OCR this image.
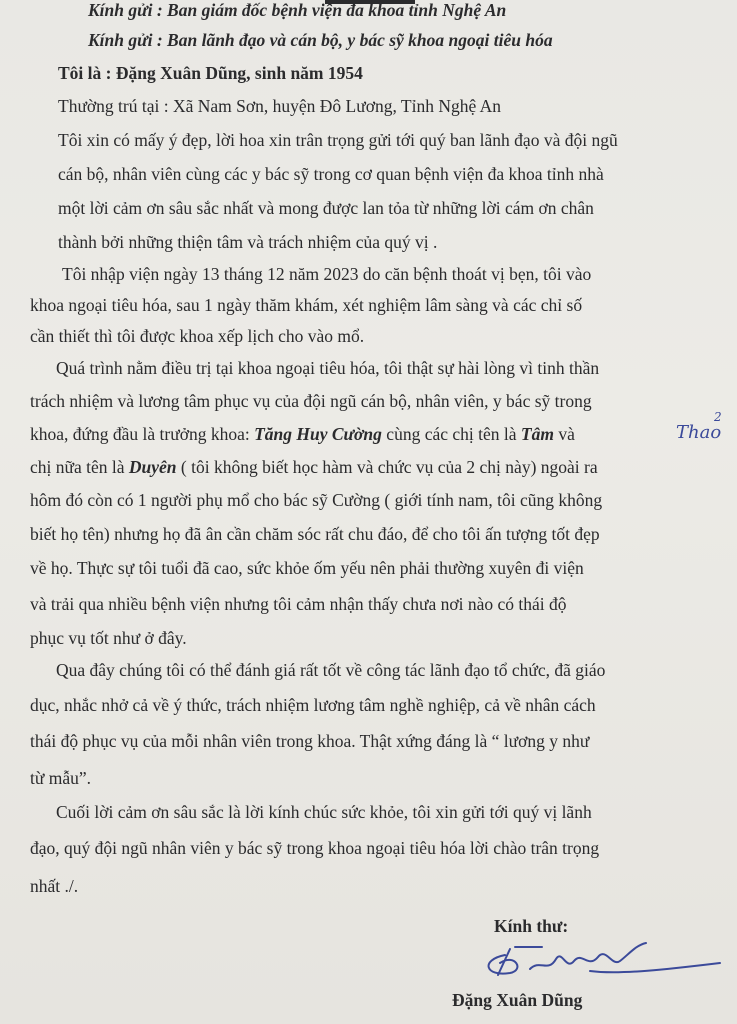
Kính gửi : Ban giám đốc bệnh viện đa khoa tỉnh Nghệ An
Kính gửi : Ban lãnh đạo và cán bộ, y bác sỹ khoa ngoại tiêu hóa
Tôi là : Đặng Xuân Dũng, sinh năm 1954
Thường trú tại : Xã Nam Sơn, huyện Đô Lương, Tỉnh Nghệ An
Tôi xin có mấy ý đẹp, lời hoa xin trân trọng gửi tới quý ban lãnh đạo và đội ngũ
cán bộ, nhân viên cùng các y bác sỹ trong cơ quan bệnh viện đa khoa tỉnh nhà
một lời cảm ơn sâu sắc nhất và mong được lan tỏa từ những lời cám ơn chân
thành bởi những thiện tâm và trách nhiệm của quý vị .
Tôi nhập viện ngày 13 tháng 12 năm 2023 do căn bệnh thoát vị bẹn, tôi vào
khoa ngoại tiêu hóa, sau 1 ngày thăm khám, xét nghiệm lâm sàng và các chỉ số
cần thiết thì tôi được khoa xếp lịch cho vào mổ.
Quá trình nằm điều trị tại khoa ngoại tiêu hóa, tôi thật sự hài lòng vì tinh thần
trách nhiệm và lương tâm phục vụ của đội ngũ cán bộ, nhân viên, y bác sỹ trong
khoa, đứng đầu là trưởng khoa: Tăng Huy Cường cùng các chị tên là Tâm và	Thao
2
chị nữa tên là Duyên ( tôi không biết học hàm và chức vụ của 2 chị này) ngoài ra
hôm đó còn có 1 người phụ mổ cho bác sỹ Cường ( giới tính nam, tôi cũng không
biết họ tên) nhưng họ đã ân cần chăm sóc rất chu đáo, để cho tôi ấn tượng tốt đẹp
về họ. Thực sự tôi tuổi đã cao, sức khỏe ốm yếu nên phải thường xuyên đi viện
và trải qua nhiều bệnh viện nhưng tôi cảm nhận thấy chưa nơi nào có thái độ
phục vụ tốt như ở đây.
Qua đây chúng tôi có thể đánh giá rất tốt về công tác lãnh đạo tổ chức, đã giáo
dục, nhắc nhở cả về ý thức, trách nhiệm lương tâm nghề nghiệp, cả về nhân cách
thái độ phục vụ của mỗi nhân viên trong khoa. Thật xứng đáng là “ lương y như
từ mẫu”.
Cuối lời cảm ơn sâu sắc là lời kính chúc sức khỏe, tôi xin gửi tới quý vị lãnh
đạo, quý đội ngũ nhân viên y bác sỹ trong khoa ngoại tiêu hóa lời chào trân trọng
nhất ./.
Kính thư:
Đặng Xuân Dũng
